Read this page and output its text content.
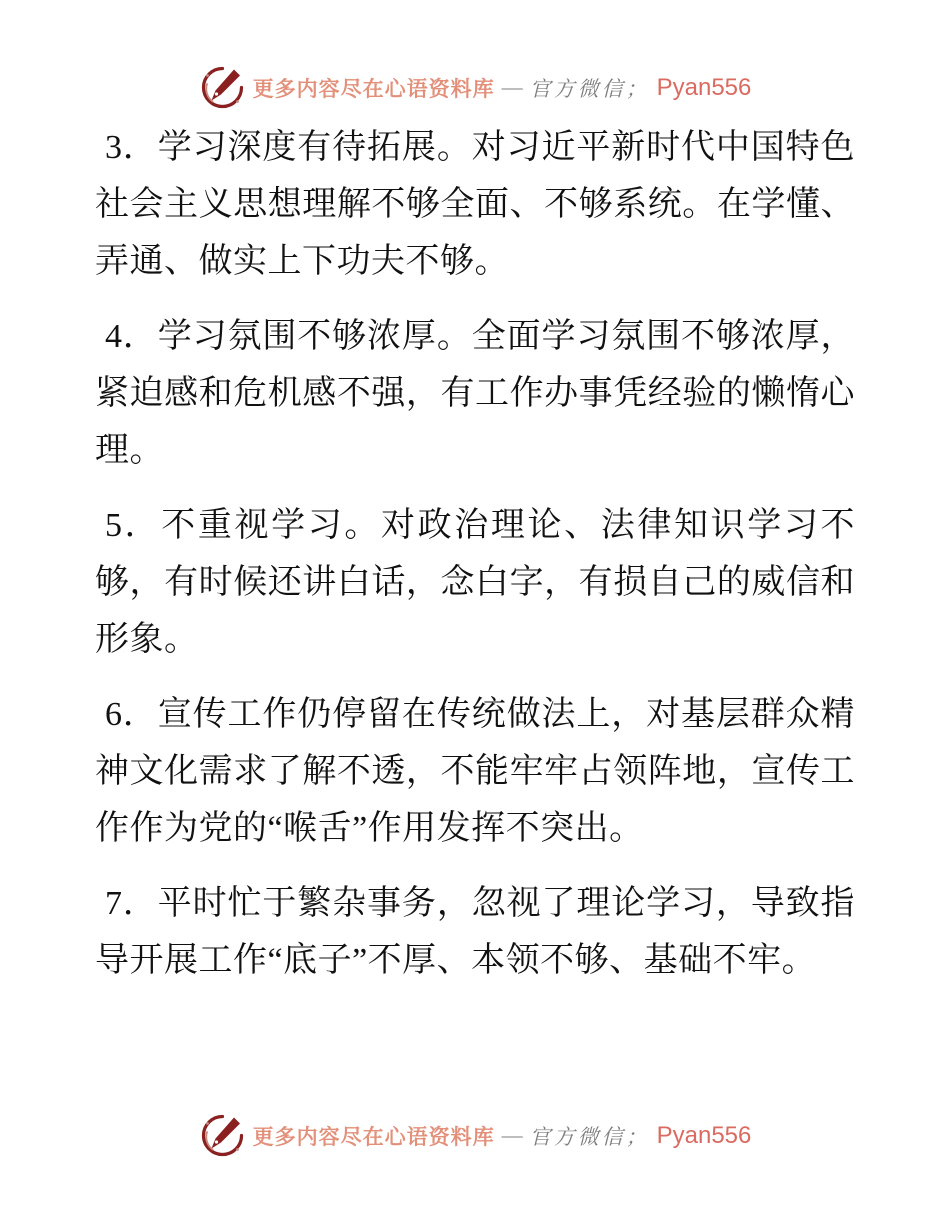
更多内容尽在心语资料库 — 官方微信； Pyan556

3．学习深度有待拓展。对习近平新时代中国特色社会主义思想理解不够全面、不够系统。在学懂、弄通、做实上下功夫不够。

4．学习氛围不够浓厚。全面学习氛围不够浓厚，紧迫感和危机感不强，有工作办事凭经验的懒惰心理。

5．不重视学习。对政治理论、法律知识学习不够，有时候还讲白话，念白字，有损自己的威信和形象。

6．宣传工作仍停留在传统做法上，对基层群众精神文化需求了解不透，不能牢牢占领阵地，宣传工作作为党的“喉舌”作用发挥不突出。

7．平时忙于繁杂事务，忽视了理论学习，导致指导开展工作“底子”不厚、本领不够、基础不牢。

更多内容尽在心语资料库 — 官方微信； Pyan556
